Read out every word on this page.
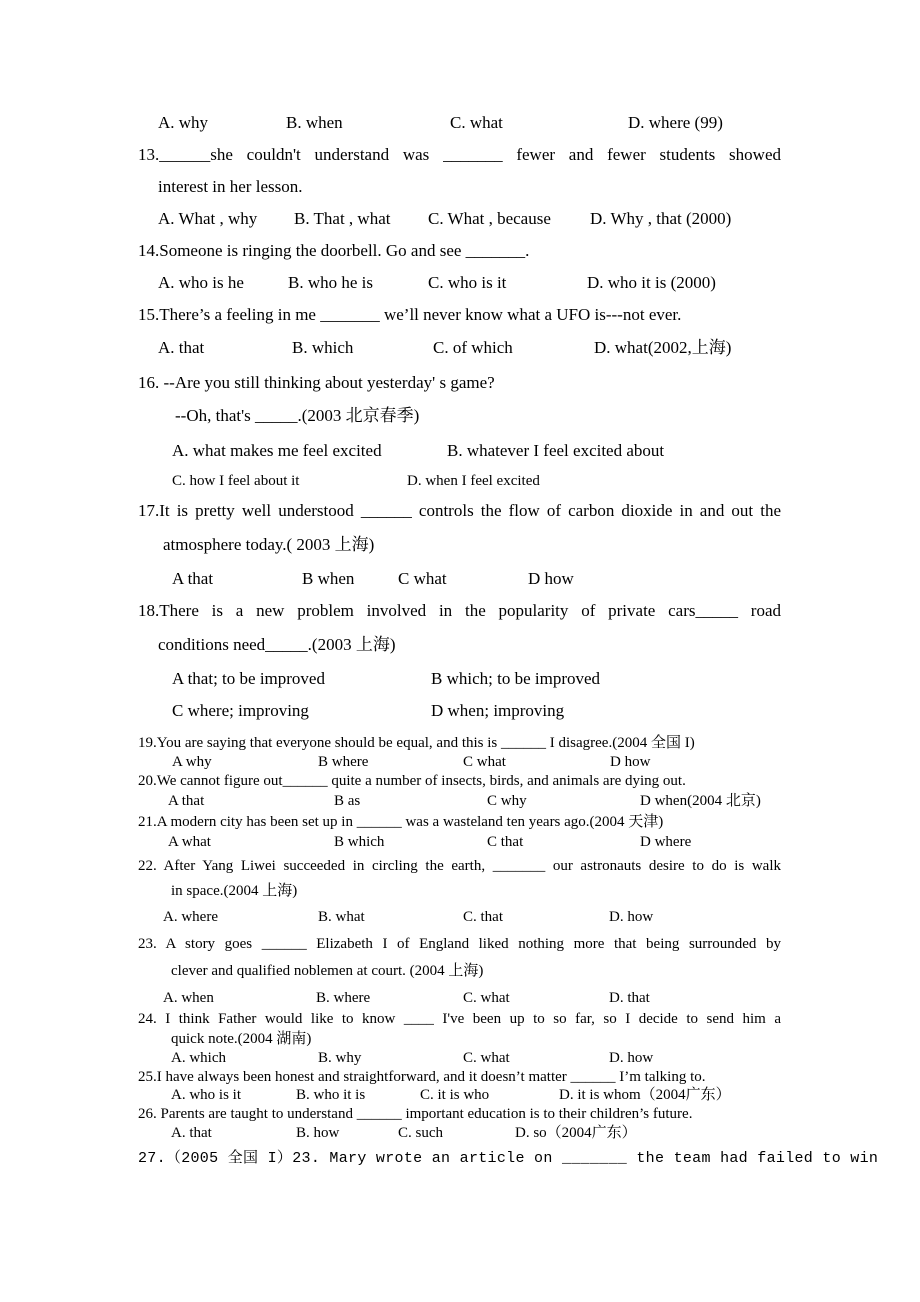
A. why	B. when	C. what	D. where (99)
13.______she couldn't understand was _______ fewer and fewer students showed
interest in her lesson.
A. What , why B. That , what C. What , because D. Why , that (2000)
14.Someone is ringing the doorbell. Go and see _______.
A. who is he	B. who he is	C. who is it	D. who it is (2000)
15.There’s a feeling in me _______ we’ll never know what a UFO is---not ever.
A. that	B. which	C. of which	D. what(2002,上海)
16. --Are you still thinking about yesterday' s game?
--Oh, that's _____.(2003 北京春季)
A. what makes me feel excited	B. whatever I feel excited about
C. how I feel about it	D. when I feel excited
17.It is pretty well understood ______ controls the flow of carbon dioxide in and out the
atmosphere today.( 2003 上海)
A that	B when	C what	D how
18.There is a new problem involved in the popularity of private cars_____ road
conditions need_____.(2003 上海)
A that; to be improved	B which; to be improved
C where; improving	D when; improving
19.You are saying that everyone should be equal, and this is ______ I disagree.(2004 全国 I)
A why	B where	C what	D how
20.We cannot figure out______ quite a number of insects, birds, and animals are dying out.
A that	B as	C why	D when(2004 北京)
21.A modern city has been set up in ______ was a wasteland ten years ago.(2004 天津)
A what	B which	C that	D where
22. After Yang Liwei succeeded in circling the earth, _______ our astronauts desire to do is walk
in space.(2004 上海)
A. where	B. what	C. that	D. how
23. A story goes ______ Elizabeth I of England liked nothing more that being surrounded by
clever and qualified noblemen at court. (2004 上海)
A. when	B. where	C. what	D. that
24. I think Father would like to know ____ I've been up to so far, so I decide to send him a
quick note.(2004 湖南)
A. which	B. why	C. what	D. how
25.I have always been honest and straightforward, and it doesn’t matter ______ I’m talking to.
A. who is it	B. who it is	C. it is who	D. it is whom（2004广东）
26. Parents are taught to understand ______ important education is to their children’s future.
A. that	B. how	C. such	D. so（2004广东）
27.（2005 全国 I）23. Mary wrote an article on _______ the team had failed to win
